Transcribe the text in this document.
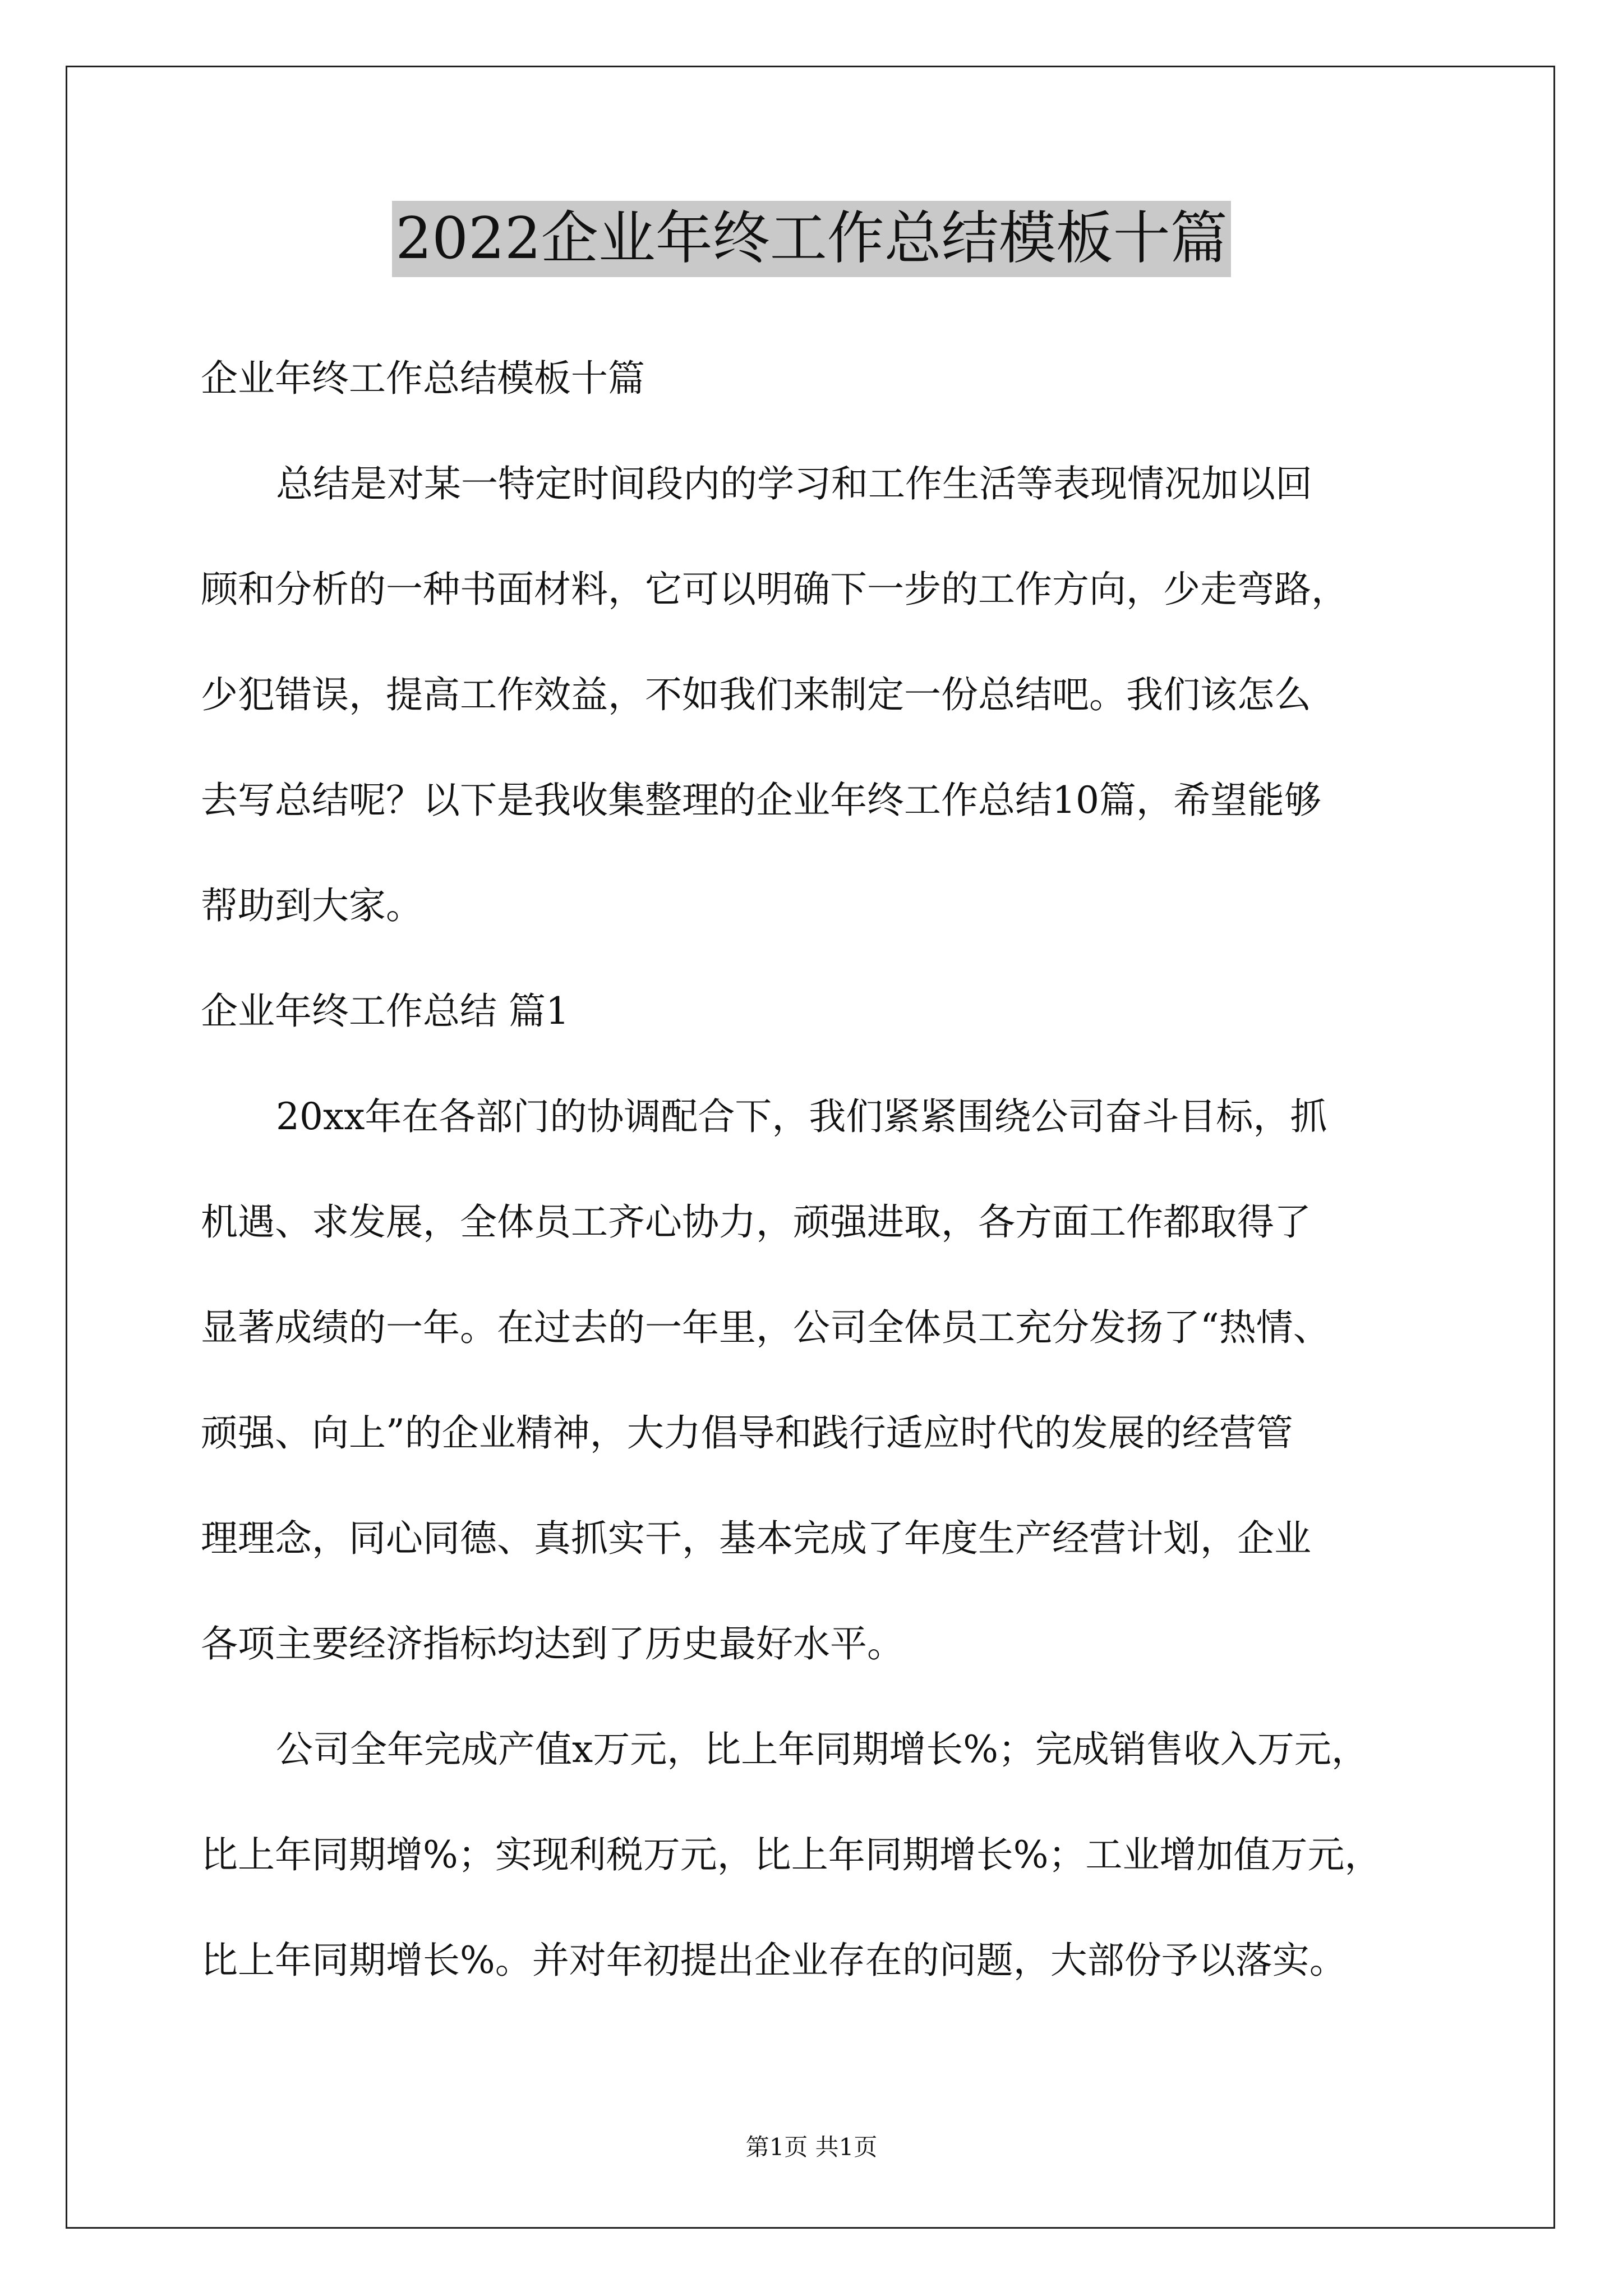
2022企业年终工作总结模板十篇

企业年终工作总结模板十篇

总结是对某一特定时间段内的学习和工作生活等表现情况加以回

顾和分析的一种书面材料，它可以明确下一步的工作方向，少走弯路，

少犯错误，提高工作效益，不如我们来制定一份总结吧。我们该怎么

去写总结呢？以下是我收集整理的企业年终工作总结10篇，希望能够

帮助到大家。

企业年终工作总结 篇1

20xx年在各部门的协调配合下，我们紧紧围绕公司奋斗目标，抓

机遇、求发展，全体员工齐心协力，顽强进取，各方面工作都取得了

显著成绩的一年。在过去的一年里，公司全体员工充分发扬了“热情、

顽强、向上”的企业精神，大力倡导和践行适应时代的发展的经营管

理理念，同心同德、真抓实干，基本完成了年度生产经营计划，企业

各项主要经济指标均达到了历史最好水平。

公司全年完成产值x万元，比上年同期增长%；完成销售收入万元，

比上年同期增%；实现利税万元，比上年同期增长%；工业增加值万元，

比上年同期增长%。并对年初提出企业存在的问题，大部份予以落实。

第1页 共1页
